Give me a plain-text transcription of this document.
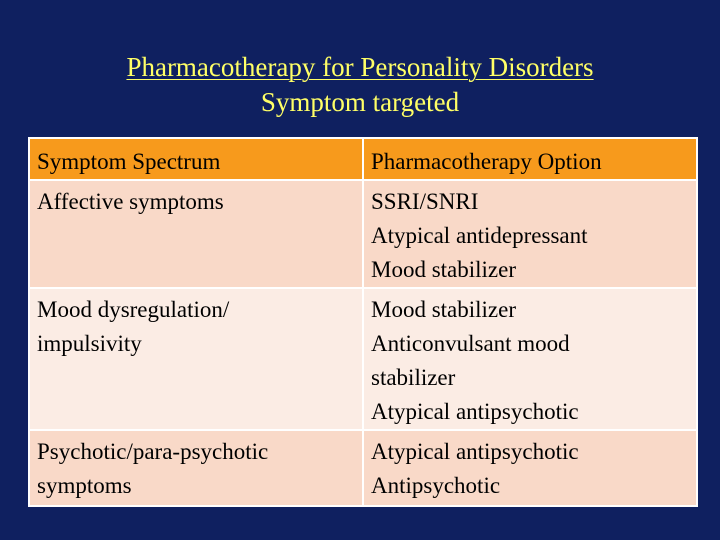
Pharmacotherapy for Personality Disorders
Symptom targeted
Symptom Spectrum	Pharmacotherapy Option

Affective symptoms	SSRI/SNRI
Atypical antidepressant
Mood stabilizer

Mood dysregulation/
impulsivity	Mood stabilizer
Anticonvulsant mood
stabilizer
Atypical antipsychotic

Psychotic/para-psychotic
symptoms	Atypical antipsychotic
Antipsychotic
